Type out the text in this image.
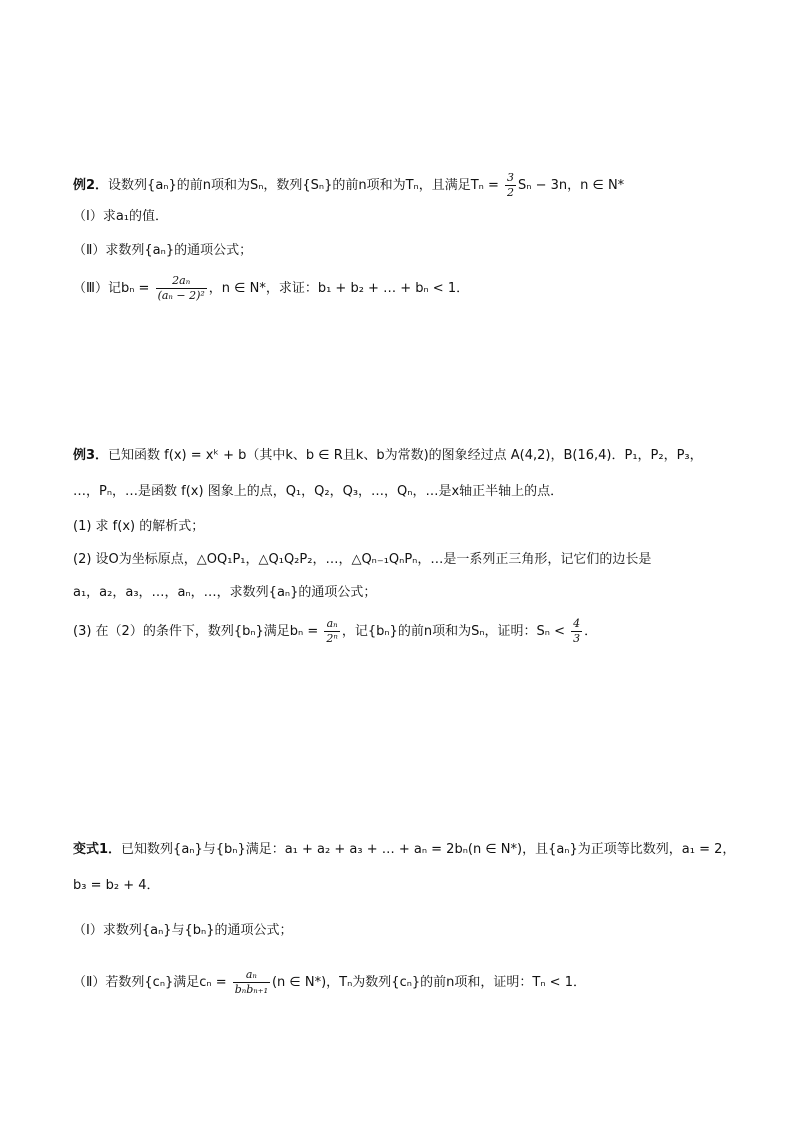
例2．设数列{aₙ}的前n项和为Sₙ，数列{Sₙ}的前n项和为Tₙ，且满足$T_n = \frac{3}{2}$ Sₙ − 3n，n ∈ N*
（Ⅰ）求a₁的值．
（Ⅱ）求数列{aₙ}的通项公式；
（Ⅲ）记$b_n = \frac{\text{2aₙ}}{\text{(aₙ − 2)²}}$ ，n ∈ N*，求证：b₁ + b₂ + … + bₙ < 1．
例3．已知函数 f(x) = xᵏ + b（其中k、b ∈ R且k、b为常数)的图象经过点 A(4,2)，B(16,4)．P₁，P₂，P₃，
…，Pₙ，…是函数 f(x) 图象上的点，Q₁，Q₂，Q₃，…，Qₙ，…是x轴正半轴上的点．
(1) 求 f(x) 的解析式；
(2) 设O为坐标原点，△OQ₁P₁，△Q₁Q₂P₂，…，△Qₙ₋₁QₙPₙ，…是一系列正三角形，记它们的边长是
a₁，a₂，a₃，…，aₙ，…，求数列{aₙ}的通项公式；
(3) 在（2）的条件下，数列{bₙ}满足$b_n = \frac{\text{aₙ}}{\text{2ⁿ}}$ ，记{bₙ}的前n项和为Sₙ，证明：$S_n < \frac{4}{3}$ ．
变式1．已知数列{aₙ}与{bₙ}满足：a₁ + a₂ + a₃ + … + aₙ = 2bₙ(n ∈ N*)，且{aₙ}为正项等比数列，a₁ = 2，
b₃ = b₂ + 4．
（Ⅰ）求数列{aₙ}与{bₙ}的通项公式；
（Ⅱ）若数列{cₙ}满足$c_n = \frac{\text{aₙ}}{\text{bₙbₙ₊₁}} (n$ ∈ N*)，Tₙ为数列{cₙ}的前n项和，证明：Tₙ < 1．
